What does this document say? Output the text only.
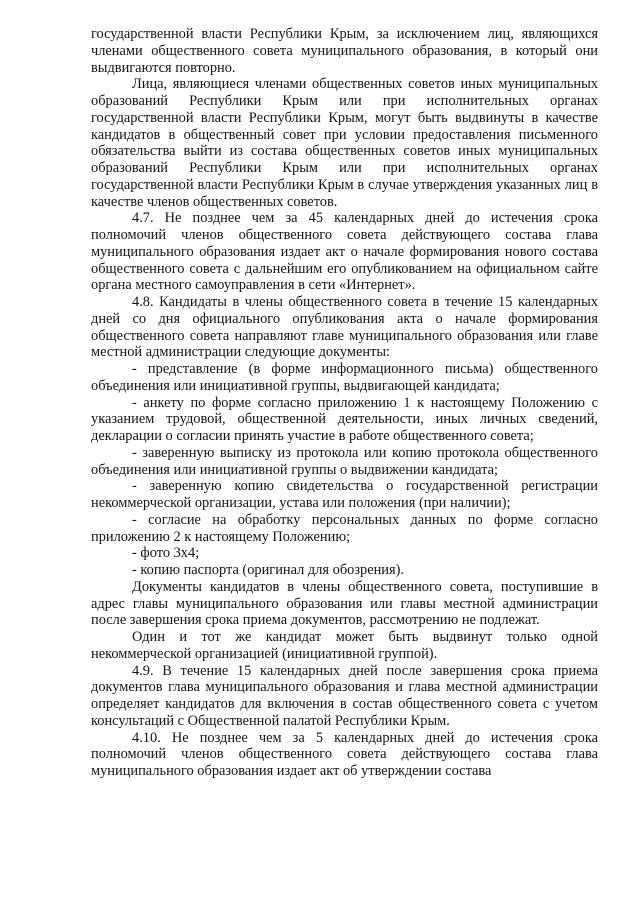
государственной власти Республики Крым, за исключением лиц, являющихся членами общественного совета муниципального образования, в который они выдвигаются повторно.

Лица, являющиеся членами общественных советов иных муниципальных образований Республики Крым или при исполнительных органах государственной власти Республики Крым, могут быть выдвинуты в качестве кандидатов в общественный совет при условии предоставления письменного обязательства выйти из состава общественных советов иных муниципальных образований Республики Крым или при исполнительных органах государственной власти Республики Крым в случае утверждения указанных лиц в качестве членов общественных советов.

4.7. Не позднее чем за 45 календарных дней до истечения срока полномочий членов общественного совета действующего состава глава муниципального образования издает акт о начале формирования нового состава общественного совета с дальнейшим его опубликованием на официальном сайте органа местного самоуправления в сети «Интернет».

4.8. Кандидаты в члены общественного совета в течение 15 календарных дней со дня официального опубликования акта о начале формирования общественного совета направляют главе муниципального образования или главе местной администрации следующие документы:

- представление (в форме информационного письма) общественного объединения или инициативной группы, выдвигающей кандидата;

- анкету по форме согласно приложению 1 к настоящему Положению с указанием трудовой, общественной деятельности, иных личных сведений, декларации о согласии принять участие в работе общественного совета;

- заверенную выписку из протокола или копию протокола общественного объединения или инициативной группы о выдвижении кандидата;

- заверенную копию свидетельства о государственной регистрации некоммерческой организации, устава или положения (при наличии);

- согласие на обработку персональных данных по форме согласно приложению 2 к настоящему Положению;

- фото 3х4;

- копию паспорта (оригинал для обозрения).

Документы кандидатов в члены общественного совета, поступившие в адрес главы муниципального образования или главы местной администрации после завершения срока приема документов, рассмотрению не подлежат.

Один и тот же кандидат может быть выдвинут только одной некоммерческой организацией (инициативной группой).

4.9. В течение 15 календарных дней после завершения срока приема документов глава муниципального образования и глава местной администрации определяет кандидатов для включения в состав общественного совета с учетом консультаций с Общественной палатой Республики Крым.

4.10. Не позднее чем за 5 календарных дней до истечения срока полномочий членов общественного совета действующего состава глава муниципального образования издает акт об утверждении состава
